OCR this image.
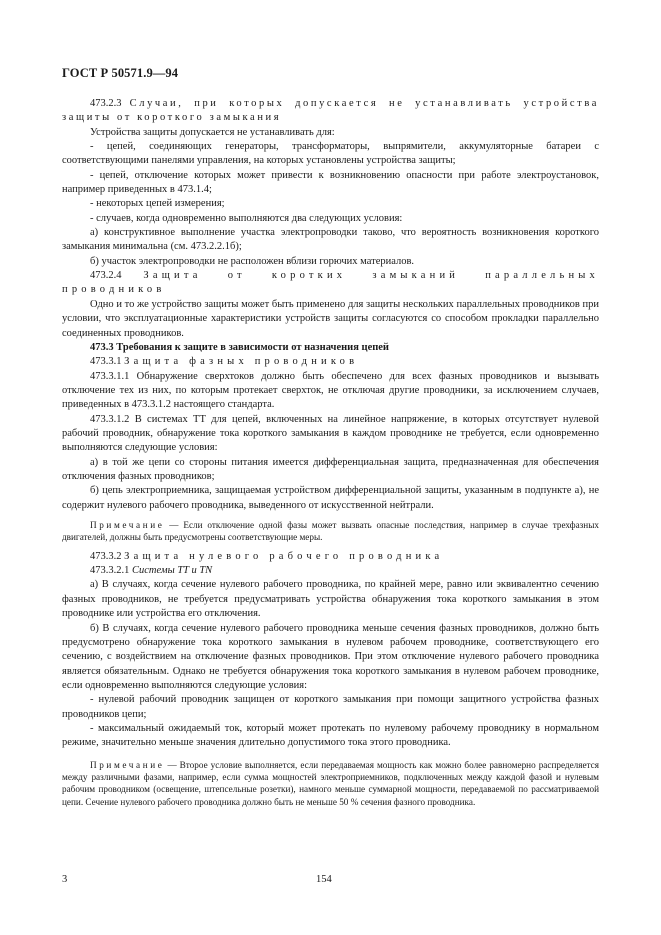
ГОСТ Р 50571.9—94

473.2.3 Случаи, при которых допускается не устанавливать устройства защиты от короткого замыкания

Устройства защиты допускается не устанавливать для:

- цепей, соединяющих генераторы, трансформаторы, выпрямители, аккумуляторные батареи с соответствующими панелями управления, на которых установлены устройства защиты;

- цепей, отключение которых может привести к возникновению опасности при работе электроустановок, например приведенных в 473.1.4;

- некоторых цепей измерения;

- случаев, когда одновременно выполняются два следующих условия:

а) конструктивное выполнение участка электропроводки таково, что вероятность возникновения короткого замыкания минимальна (см. 473.2.2.1б);

б) участок электропроводки не расположен вблизи горючих материалов.

473.2.4 Защита от коротких замыканий параллельных проводников

Одно и то же устройство защиты может быть применено для защиты нескольких параллельных проводников при условии, что эксплуатационные характеристики устройств защиты согласуются со способом прокладки параллельно соединенных проводников.

473.3 Требования к защите в зависимости от назначения цепей

473.3.1 Защита фазных проводников

473.3.1.1 Обнаружение сверхтоков должно быть обеспечено для всех фазных проводников и вызывать отключение тех из них, по которым протекает сверхток, не отключая другие проводники, за исключением случаев, приведенных в 473.3.1.2 настоящего стандарта.

473.3.1.2 В системах ТТ для цепей, включенных на линейное напряжение, в которых отсутствует нулевой рабочий проводник, обнаружение тока короткого замыкания в каждом проводнике не требуется, если одновременно выполняются следующие условия:

а) в той же цепи со стороны питания имеется дифференциальная защита, предназначенная для обеспечения отключения фазных проводников;

б) цепь электроприемника, защищаемая устройством дифференциальной защиты, указанным в подпункте а), не содержит нулевого рабочего проводника, выведенного от искусственной нейтрали.

Примечание — Если отключение одной фазы может вызвать опасные последствия, например в случае трехфазных двигателей, должны быть предусмотрены соответствующие меры.

473.3.2 Защита нулевого рабочего проводника

473.3.2.1 Системы TT и TN

а) В случаях, когда сечение нулевого рабочего проводника, по крайней мере, равно или эквивалентно сечению фазных проводников, не требуется предусматривать устройства обнаружения тока короткого замыкания в этом проводнике или устройства его отключения.

б) В случаях, когда сечение нулевого рабочего проводника меньше сечения фазных проводников, должно быть предусмотрено обнаружение тока короткого замыкания в нулевом рабочем проводнике, соответствующего его сечению, с воздействием на отключение фазных проводников. При этом отключение нулевого рабочего проводника является обязательным. Однако не требуется обнаружения тока короткого замыкания в нулевом рабочем проводнике, если одновременно выполняются следующие условия:

- нулевой рабочий проводник защищен от короткого замыкания при помощи защитного устройства фазных проводников цепи;

- максимальный ожидаемый ток, который может протекать по нулевому рабочему проводнику в нормальном режиме, значительно меньше значения длительно допустимого тока этого проводника.

Примечание — Второе условие выполняется, если передаваемая мощность как можно более равномерно распределяется между различными фазами, например, если сумма мощностей электроприемников, подключенных между каждой фазой и нулевым рабочим проводником (освещение, штепсельные розетки), намного меньше суммарной мощности, передаваемой по рассматриваемой цепи. Сечение нулевого рабочего проводника должно быть не меньше 50 % сечения фазного проводника.

3	154
